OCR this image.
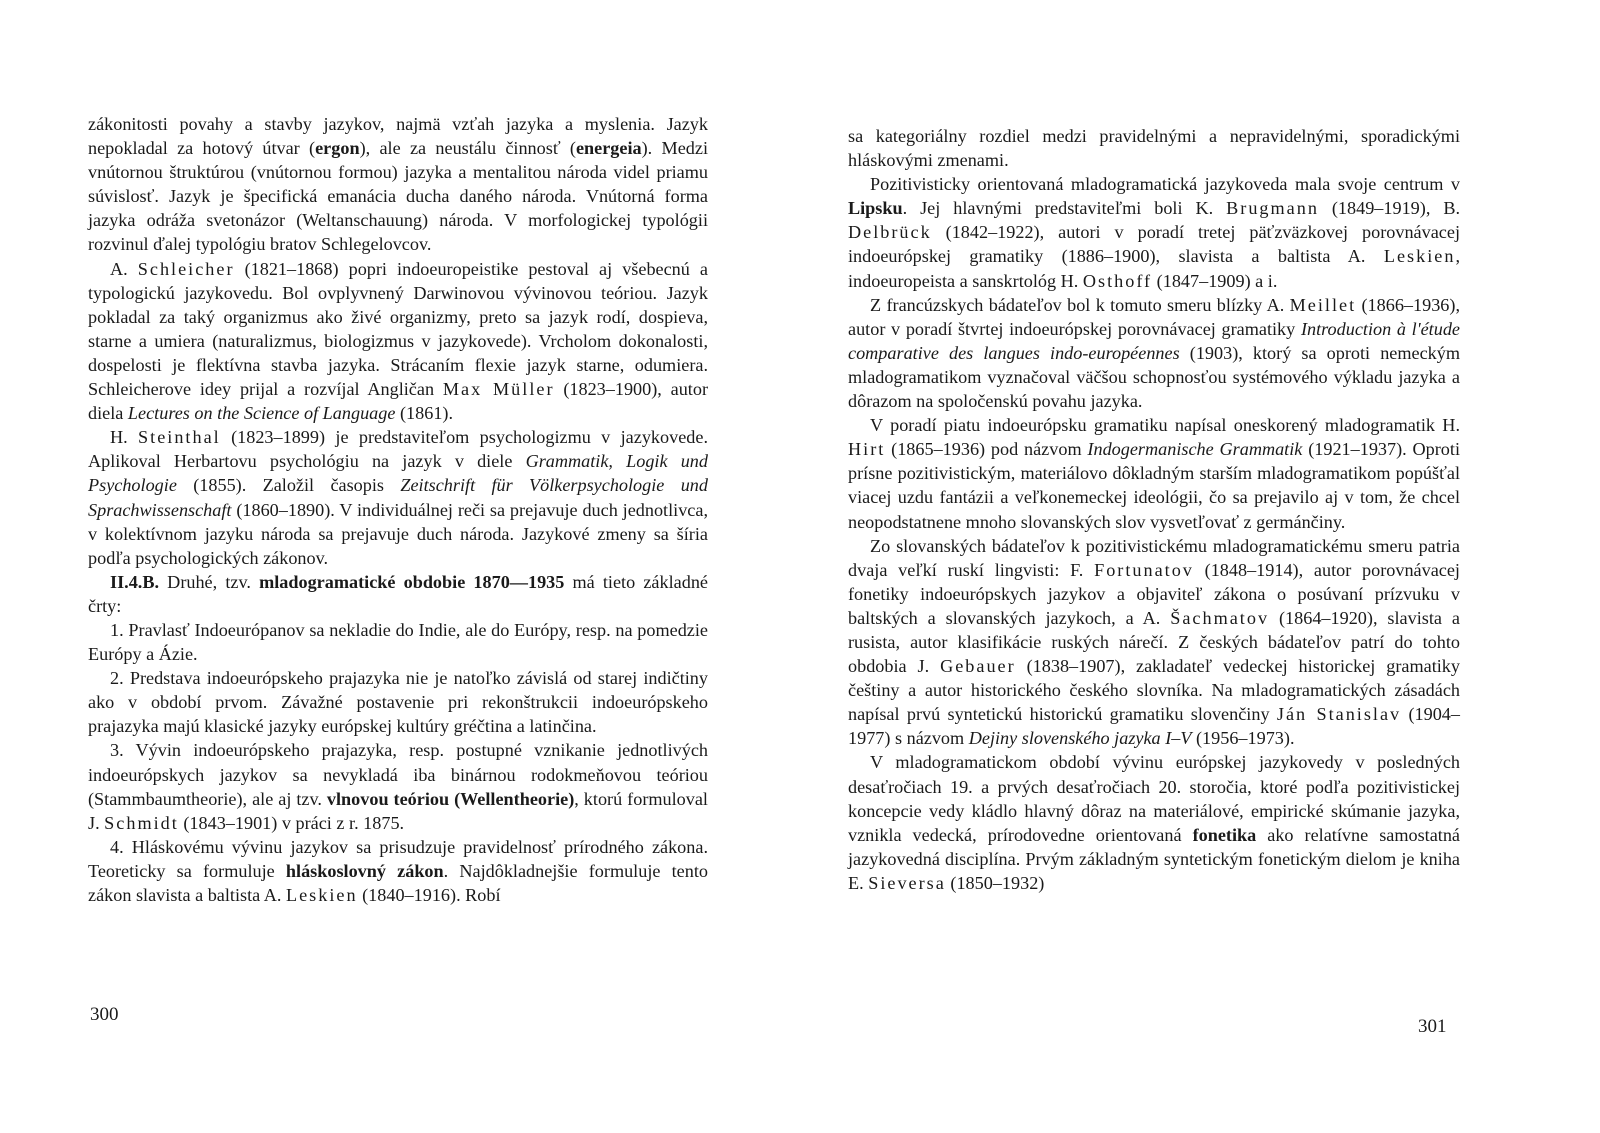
zákonitosti povahy a stavby jazykov, najmä vzťah jazyka a myslenia. Jazyk nepokladal za hotový útvar (ergon), ale za neustálu činnosť (energeia). Medzi vnútornou štruktúrou (vnútornou formou) jazyka a mentalitou národa videl priamu súvislosť. Jazyk je špecifická emanácia ducha daného národa. Vnútorná forma jazyka odráža svetonázor (Weltanschauung) národa. V morfologickej typológii rozvinul ďalej typológiu bratov Schlegelovcov.

A. Schleicher (1821–1868) popri indoeuropeistike pestoval aj všebecnú a typologickú jazykovedu. Bol ovplyvnený Darwinovou vývinovou teóriou. Jazyk pokladal za taký organizmus ako živé organizmy, preto sa jazyk rodí, dospieva, starne a umiera (naturalizmus, biologizmus v jazykovede). Vrcholom dokonalosti, dospelosti je flektívna stavba jazyka. Strácaním flexie jazyk starne, odumiera. Schleicherove idey prijal a rozvíjal Angličan Max Müller (1823–1900), autor diela Lectures on the Science of Language (1861).

H. Steinthal (1823–1899) je predstaviteľom psychologizmu v jazykovede. Aplikoval Herbartovu psychológiu na jazyk v diele Grammatik, Logik und Psychologie (1855). Založil časopis Zeitschrift für Völkerpsychologie und Sprachwissenschaft (1860–1890). V individuálnej reči sa prejavuje duch jednotlivca, v kolektívnom jazyku národa sa prejavuje duch národa. Jazykové zmeny sa šíria podľa psychologických zákonov.

II.4.B. Druhé, tzv. mladogramatické obdobie 1870—1935 má tieto základné črty:

1. Pravlasť Indoeurópanov sa nekladie do Indie, ale do Európy, resp. na pomedzie Európy a Ázie.

2. Predstava indoeurópskeho prajazyka nie je natoľko závislá od starej indičtiny ako v období prvom. Závažné postavenie pri rekonštrukcii indoeurópskeho prajazyka majú klasické jazyky európskej kultúry gréčtina a latinčina.

3. Vývin indoeurópskeho prajazyka, resp. postupné vznikanie jednotlivých indoeurópskych jazykov sa nevykladá iba binárnou rodokmeňovou teóriou (Stammbaumtheorie), ale aj tzv. vlnovou teóriou (Wellentheorie), ktorú formuloval J. Schmidt (1843–1901) v práci z r. 1875.

4. Hláskovému vývinu jazykov sa prisudzuje pravidelnosť prírodného zákona. Teoreticky sa formuluje hláskoslovný zákon. Najdôkladnejšie formuluje tento zákon slavista a baltista A. Leskien (1840–1916). Robí

300

sa kategoriálny rozdiel medzi pravidelnými a nepravidelnými, sporadickými hláskovými zmenami.

Pozitivisticky orientovaná mladogramatická jazykoveda mala svoje centrum v Lipsku. Jej hlavnými predstaviteľmi boli K. Brugmann (1849–1919), B. Delbrück (1842–1922), autori v poradí tretej päťzväzkovej porovnávacej indoeurópskej gramatiky (1886–1900), slavista a baltista A. Leskien, indoeuropeista a sanskrtológ H. Osthoff (1847–1909) a i.

Z francúzskych bádateľov bol k tomuto smeru blízky A. Meillet (1866–1936), autor v poradí štvrtej indoeurópskej porovnávacej gramatiky Introduction à l'étude comparative des langues indo-européennes (1903), ktorý sa oproti nemeckým mladogramatikom vyznačoval väčšou schopnosťou systémového výkladu jazyka a dôrazom na spoločenskú povahu jazyka.

V poradí piatu indoeurópsku gramatiku napísal oneskorený mladogramatik H. Hirt (1865–1936) pod názvom Indogermanische Grammatik (1921–1937). Oproti prísne pozitivistickým, materiálovo dôkladným starším mladogramatikom popúšťal viacej uzdu fantázii a veľkonemeckej ideológii, čo sa prejavilo aj v tom, že chcel neopodstatnene mnoho slovanských slov vysvetľovať z germánčiny.

Zo slovanských bádateľov k pozitivistickému mladogramatickému smeru patria dvaja veľkí ruskí lingvisti: F. Fortunatov (1848–1914), autor porovnávacej fonetiky indoeurópskych jazykov a objaviteľ zákona o posúvaní prízvuku v baltských a slovanských jazykoch, a A. Šachmatov (1864–1920), slavista a rusista, autor klasifikácie ruských nárečí. Z českých bádateľov patrí do tohto obdobia J. Gebauer (1838–1907), zakladateľ vedeckej historickej gramatiky češtiny a autor historického českého slovníka. Na mladogramatických zásadách napísal prvú syntetickú historickú gramatiku slovenčiny Ján Stanislav (1904–1977) s názvom Dejiny slovenského jazyka I–V (1956–1973).

V mladogramatickom období vývinu európskej jazykovedy v posledných desaťročiach 19. a prvých desaťročiach 20. storočia, ktoré podľa pozitivistickej koncepcie vedy kládlo hlavný dôraz na materiálové, empirické skúmanie jazyka, vznikla vedecká, prírodovedne orientovaná fonetika ako relatívne samostatná jazykovedná disciplína. Prvým základným syntetickým fonetickým dielom je kniha E. Sieversa (1850–1932)

301
